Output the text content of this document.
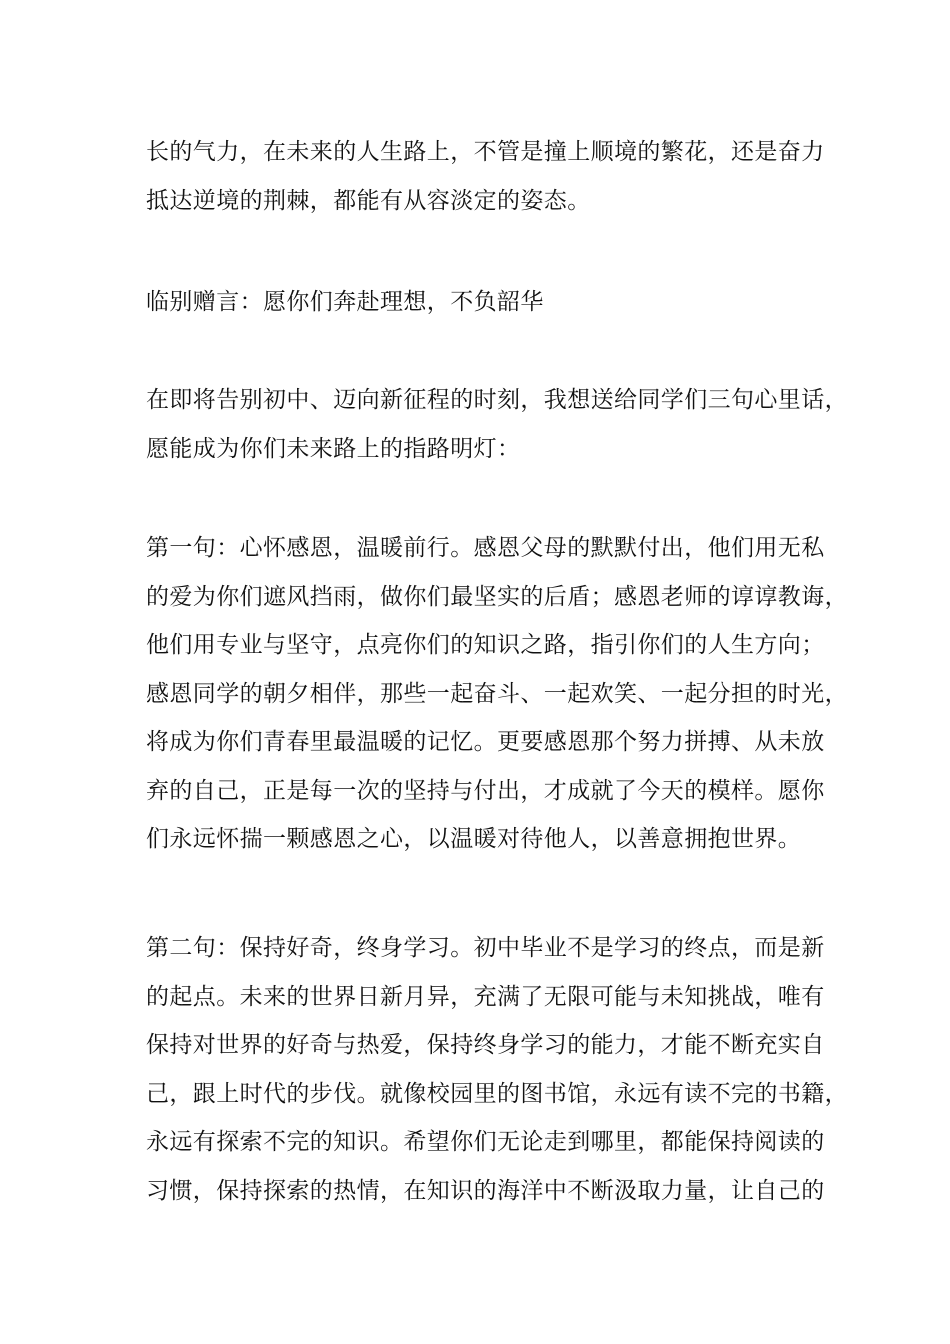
长的气力，在未来的人生路上，不管是撞上顺境的繁花，还是奋力
抵达逆境的荆棘，都能有从容淡定的姿态。

临别赠言：愿你们奔赴理想，不负韶华

在即将告别初中、迈向新征程的时刻，我想送给同学们三句心里话，
愿能成为你们未来路上的指路明灯：

第一句：心怀感恩，温暖前行。感恩父母的默默付出，他们用无私
的爱为你们遮风挡雨，做你们最坚实的后盾；感恩老师的谆谆教诲，
他们用专业与坚守，点亮你们的知识之路，指引你们的人生方向；
感恩同学的朝夕相伴，那些一起奋斗、一起欢笑、一起分担的时光，
将成为你们青春里最温暖的记忆。更要感恩那个努力拼搏、从未放
弃的自己，正是每一次的坚持与付出，才成就了今天的模样。愿你
们永远怀揣一颗感恩之心，以温暖对待他人，以善意拥抱世界。

第二句：保持好奇，终身学习。初中毕业不是学习的终点，而是新
的起点。未来的世界日新月异，充满了无限可能与未知挑战，唯有
保持对世界的好奇与热爱，保持终身学习的能力，才能不断充实自
己，跟上时代的步伐。就像校园里的图书馆，永远有读不完的书籍，
永远有探索不完的知识。希望你们无论走到哪里，都能保持阅读的
习惯，保持探索的热情，在知识的海洋中不断汲取力量，让自己的
